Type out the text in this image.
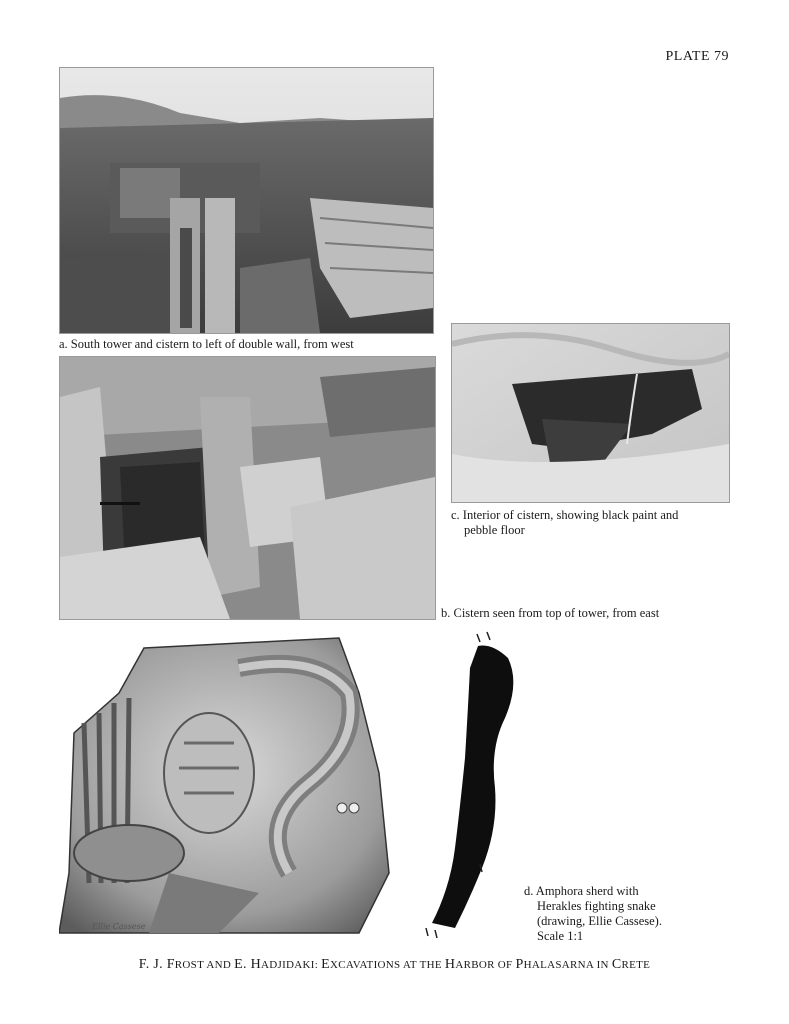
PLATE 79
a. South tower and cistern to left of double wall, from west
b. Cistern seen from top of tower, from east
c. Interior of cistern, showing black paint and
pebble floor
Ellie Cassese
d. Amphora sherd with
Herakles fighting snake
(drawing, Ellie Cassese).
Scale 1:1
F. J. FROST AND E. HADJIDAKI: EXCAVATIONS AT THE HARBOR OF PHALASARNA IN CRETE
